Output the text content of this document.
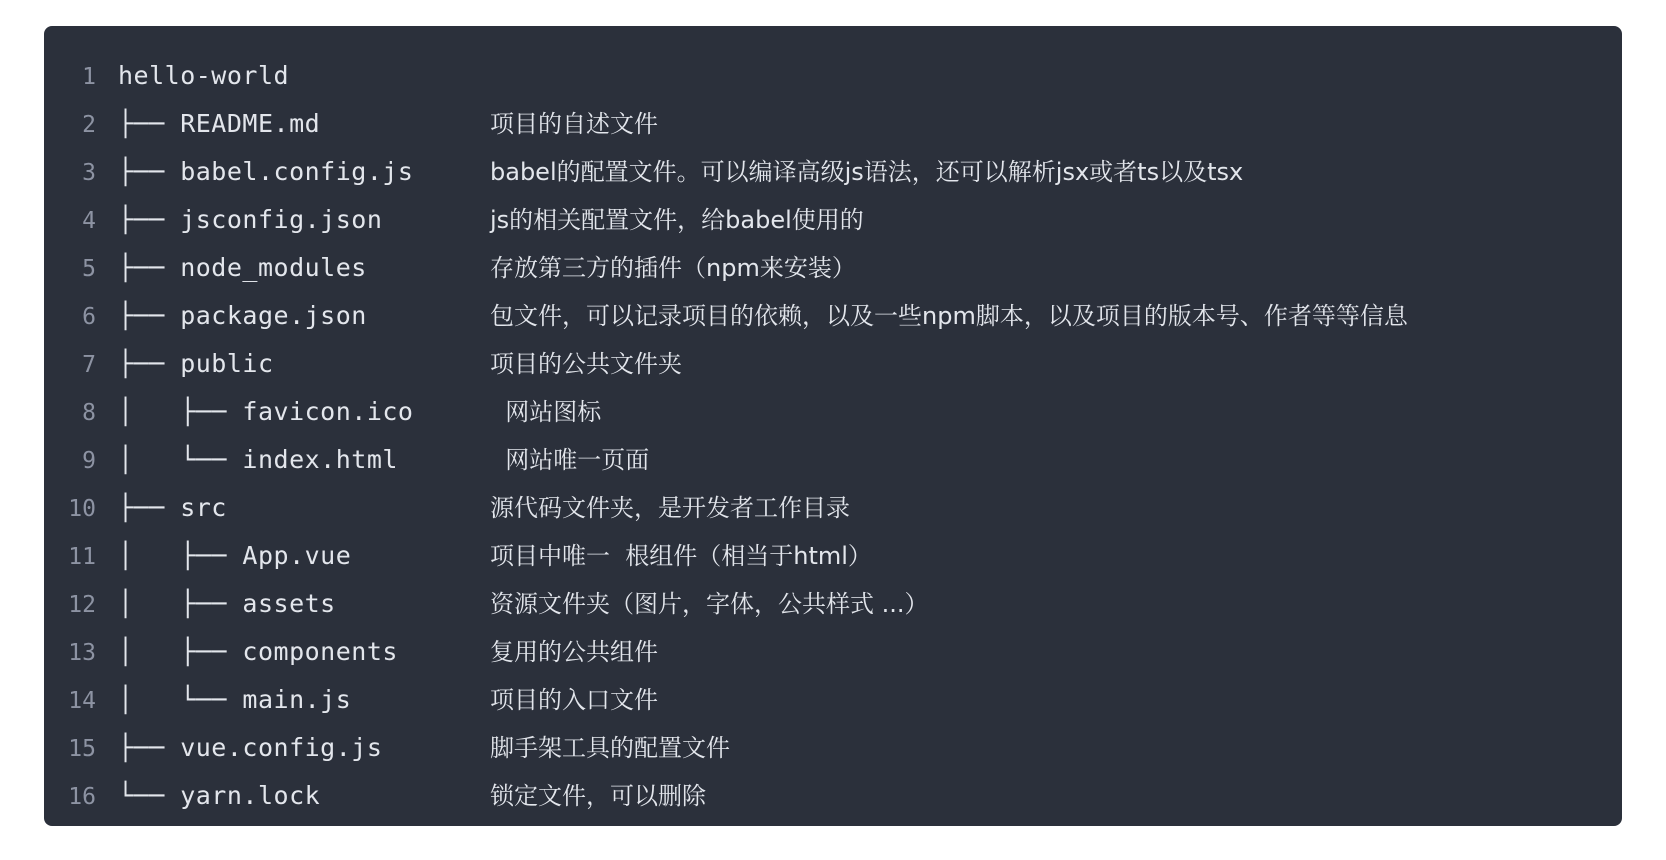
1 hello-world
2 ├── README.md	项目的自述文件
3 ├── babel.config.js	babel的配置文件。可以编译高级js语法，还可以解析jsx或者ts以及tsx
4 ├── jsconfig.json	js的相关配置文件，给babel使用的
5 ├── node_modules	存放第三方的插件（npm来安装）
6 ├── package.json	包文件，可以记录项目的依赖，以及一些npm脚本，以及项目的版本号、作者等等信息
7 ├── public	项目的公共文件夹
8 │   ├── favicon.ico	网站图标
9 │   └── index.html	网站唯一页面
10 ├── src	源代码文件夹，是开发者工作目录
11 │   ├── App.vue	项目中唯一  根组件（相当于html）
12 │   ├── assets	资源文件夹（图片，字体，公共样式 ...）
13 │   ├── components	复用的公共组件
14 │   └── main.js	项目的入口文件
15 ├── vue.config.js	脚手架工具的配置文件
16 └── yarn.lock	锁定文件，可以删除
